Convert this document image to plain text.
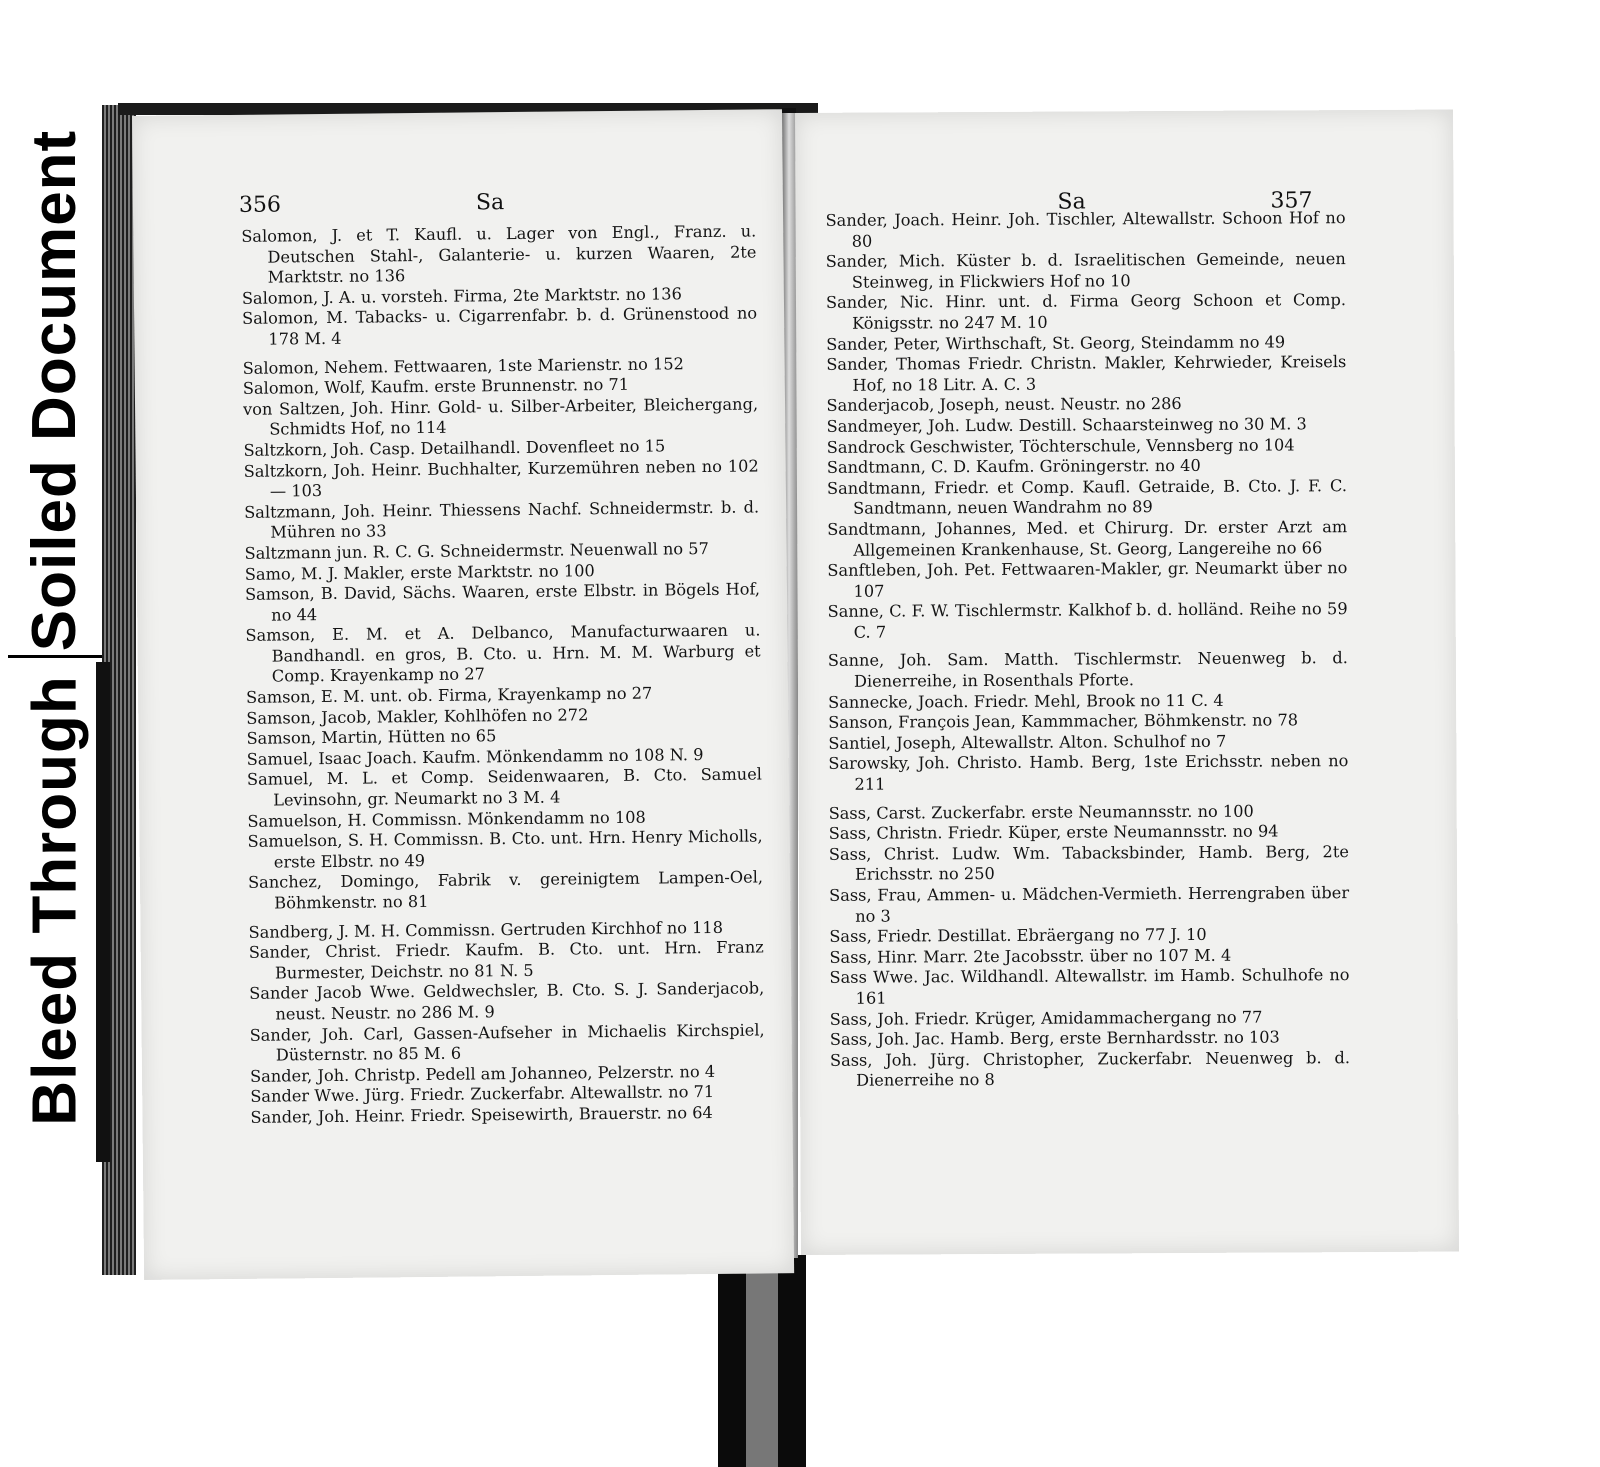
Soiled Document
Bleed Through
356	Sa
Salomon, J. et T. Kaufl. u. Lager von Engl., Franz. u. Deutschen Stahl-, Galanterie- u. kurzen Waaren, 2te Marktstr. no 136
Salomon, J. A. u. vorsteh. Firma, 2te Marktstr. no 136
Salomon, M. Tabacks- u. Cigarrenfabr. b. d. Grünenstood no 178 M. 4
Salomon, Nehem. Fettwaaren, 1ste Marienstr. no 152
Salomon, Wolf, Kaufm. erste Brunnenstr. no 71
von Saltzen, Joh. Hinr. Gold- u. Silber-Arbeiter, Bleichergang, Schmidts Hof, no 114
Saltzkorn, Joh. Casp. Detailhandl. Dovenfleet no 15
Saltzkorn, Joh. Heinr. Buchhalter, Kurzemühren neben no 102 — 103
Saltzmann, Joh. Heinr. Thiessens Nachf. Schneidermstr. b. d. Mühren no 33
Saltzmann jun. R. C. G. Schneidermstr. Neuenwall no 57
Samo, M. J. Makler, erste Marktstr. no 100
Samson, B. David, Sächs. Waaren, erste Elbstr. in Bögels Hof, no 44
Samson, E. M. et A. Delbanco, Manufacturwaaren u. Bandhandl. en gros, B. Cto. u. Hrn. M. M. Warburg et Comp. Krayenkamp no 27
Samson, E. M. unt. ob. Firma, Krayenkamp no 27
Samson, Jacob, Makler, Kohlhöfen no 272
Samson, Martin, Hütten no 65
Samuel, Isaac Joach. Kaufm. Mönkendamm no 108 N. 9
Samuel, M. L. et Comp. Seidenwaaren, B. Cto. Samuel Levinsohn, gr. Neumarkt no 3 M. 4
Samuelson, H. Commissn. Mönkendamm no 108
Samuelson, S. H. Commissn. B. Cto. unt. Hrn. Henry Micholls, erste Elbstr. no 49
Sanchez, Domingo, Fabrik v. gereinigtem Lampen-Oel, Böhmkenstr. no 81
Sandberg, J. M. H. Commissn. Gertruden Kirchhof no 118
Sander, Christ. Friedr. Kaufm. B. Cto. unt. Hrn. Franz Burmester, Deichstr. no 81 N. 5
Sander Jacob Wwe. Geldwechsler, B. Cto. S. J. Sanderjacob, neust. Neustr. no 286 M. 9
Sander, Joh. Carl, Gassen-Aufseher in Michaelis Kirchspiel, Düsternstr. no 85 M. 6
Sander, Joh. Christp. Pedell am Johanneo, Pelzerstr. no 4
Sander Wwe. Jürg. Friedr. Zuckerfabr. Altewallstr. no 71
Sander, Joh. Heinr. Friedr. Speisewirth, Brauerstr. no 64
Sa	357
Sander, Joach. Heinr. Joh. Tischler, Altewallstr. Schoon Hof no 80
Sander, Mich. Küster b. d. Israelitischen Gemeinde, neuen Steinweg, in Flickwiers Hof no 10
Sander, Nic. Hinr. unt. d. Firma Georg Schoon et Comp. Königsstr. no 247 M. 10
Sander, Peter, Wirthschaft, St. Georg, Steindamm no 49
Sander, Thomas Friedr. Christn. Makler, Kehrwieder, Kreisels Hof, no 18 Litr. A. C. 3
Sanderjacob, Joseph, neust. Neustr. no 286
Sandmeyer, Joh. Ludw. Destill. Schaarsteinweg no 30 M. 3
Sandrock Geschwister, Töchterschule, Vennsberg no 104
Sandtmann, C. D. Kaufm. Gröningerstr. no 40
Sandtmann, Friedr. et Comp. Kaufl. Getraide, B. Cto. J. F. C. Sandtmann, neuen Wandrahm no 89
Sandtmann, Johannes, Med. et Chirurg. Dr. erster Arzt am Allgemeinen Krankenhause, St. Georg, Langereihe no 66
Sanftleben, Joh. Pet. Fettwaaren-Makler, gr. Neumarkt über no 107
Sanne, C. F. W. Tischlermstr. Kalkhof b. d. holländ. Reihe no 59 C. 7
Sanne, Joh. Sam. Matth. Tischlermstr. Neuenweg b. d. Dienerreihe, in Rosenthals Pforte.
Sannecke, Joach. Friedr. Mehl, Brook no 11 C. 4
Sanson, François Jean, Kammmacher, Böhmkenstr. no 78
Santiel, Joseph, Altewallstr. Alton. Schulhof no 7
Sarowsky, Joh. Christo. Hamb. Berg, 1ste Erichsstr. neben no 211
Sass, Carst. Zuckerfabr. erste Neumannsstr. no 100
Sass, Christn. Friedr. Küper, erste Neumannsstr. no 94
Sass, Christ. Ludw. Wm. Tabacksbinder, Hamb. Berg, 2te Erichsstr. no 250
Sass, Frau, Ammen- u. Mädchen-Vermieth. Herrengraben über no 3
Sass, Friedr. Destillat. Ebräergang no 77 J. 10
Sass, Hinr. Marr. 2te Jacobsstr. über no 107 M. 4
Sass Wwe. Jac. Wildhandl. Altewallstr. im Hamb. Schulhofe no 161
Sass, Joh. Friedr. Krüger, Amidammachergang no 77
Sass, Joh. Jac. Hamb. Berg, erste Bernhardsstr. no 103
Sass, Joh. Jürg. Christopher, Zuckerfabr. Neuenweg b. d. Dienerreihe no 8
